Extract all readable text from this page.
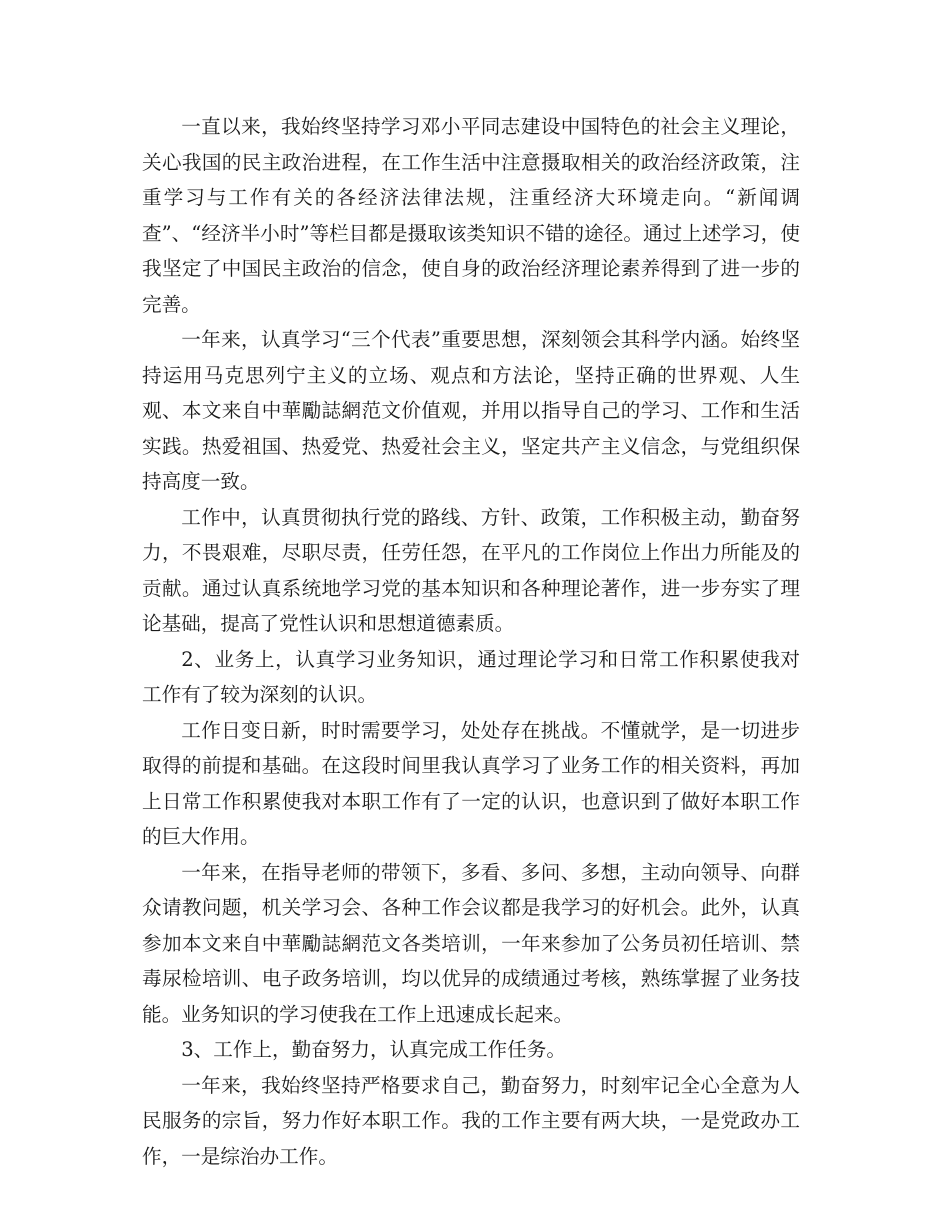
一直以来，我始终坚持学习邓小平同志建设中国特色的社会主义理论，关心我国的民主政治进程，在工作生活中注意摄取相关的政治经济政策，注重学习与工作有关的各经济法律法规，注重经济大环境走向。“新闻调查”、“经济半小时”等栏目都是摄取该类知识不错的途径。通过上述学习，使我坚定了中国民主政治的信念，使自身的政治经济理论素养得到了进一步的完善。

一年来，认真学习“三个代表”重要思想，深刻领会其科学内涵。始终坚持运用马克思列宁主义的立场、观点和方法论，坚持正确的世界观、人生观、本文来自中華勵誌網范文价值观，并用以指导自己的学习、工作和生活实践。热爱祖国、热爱党、热爱社会主义，坚定共产主义信念，与党组织保持高度一致。

工作中，认真贯彻执行党的路线、方针、政策，工作积极主动，勤奋努力，不畏艰难，尽职尽责，任劳任怨，在平凡的工作岗位上作出力所能及的贡献。通过认真系统地学习党的基本知识和各种理论著作，进一步夯实了理论基础，提高了党性认识和思想道德素质。

2、业务上，认真学习业务知识，通过理论学习和日常工作积累使我对工作有了较为深刻的认识。

工作日变日新，时时需要学习，处处存在挑战。不懂就学，是一切进步取得的前提和基础。在这段时间里我认真学习了业务工作的相关资料，再加上日常工作积累使我对本职工作有了一定的认识，也意识到了做好本职工作的巨大作用。

一年来，在指导老师的带领下，多看、多问、多想，主动向领导、向群众请教问题，机关学习会、各种工作会议都是我学习的好机会。此外，认真参加本文来自中華勵誌網范文各类培训，一年来参加了公务员初任培训、禁毒尿检培训、电子政务培训，均以优异的成绩通过考核，熟练掌握了业务技能。业务知识的学习使我在工作上迅速成长起来。

3、工作上，勤奋努力，认真完成工作任务。

一年来，我始终坚持严格要求自己，勤奋努力，时刻牢记全心全意为人民服务的宗旨，努力作好本职工作。我的工作主要有两大块，一是党政办工作，一是综治办工作。
